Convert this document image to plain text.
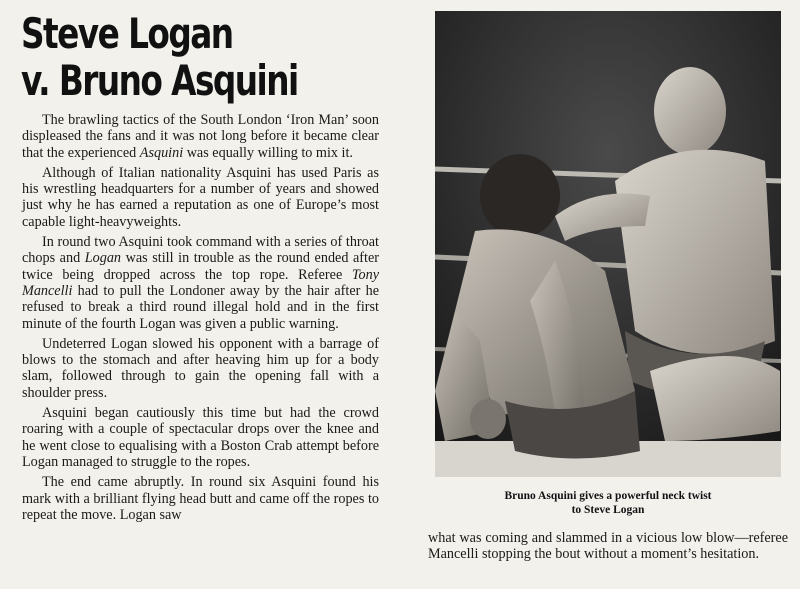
Steve Logan
v. Bruno Asquini

The brawling tactics of the South London ‘Iron Man’ soon displeased the fans and it was not long before it became clear that the experienced Asquini was equally willing to mix it.

Although of Italian nationality Asquini has used Paris as his wrestling headquarters for a number of years and showed just why he has earned a reputation as one of Europe’s most capable light-heavyweights.

In round two Asquini took command with a series of throat chops and Logan was still in trouble as the round ended after twice being dropped across the top rope. Referee Tony Mancelli had to pull the Londoner away by the hair after he refused to break a third round illegal hold and in the first minute of the fourth Logan was given a public warning.

Undeterred Logan slowed his opponent with a barrage of blows to the stomach and after heaving him up for a body slam, followed through to gain the opening fall with a shoulder press.

Asquini began cautiously this time but had the crowd roaring with a couple of spectacular drops over the knee and he went close to equalising with a Boston Crab attempt before Logan managed to struggle to the ropes.

The end came abruptly. In round six Asquini found his mark with a brilliant flying head butt and came off the ropes to repeat the move. Logan saw

Bruno Asquini gives a powerful neck twist
to Steve Logan

what was coming and slammed in a vicious low blow—referee Mancelli stopping the bout without a moment’s hesitation.
